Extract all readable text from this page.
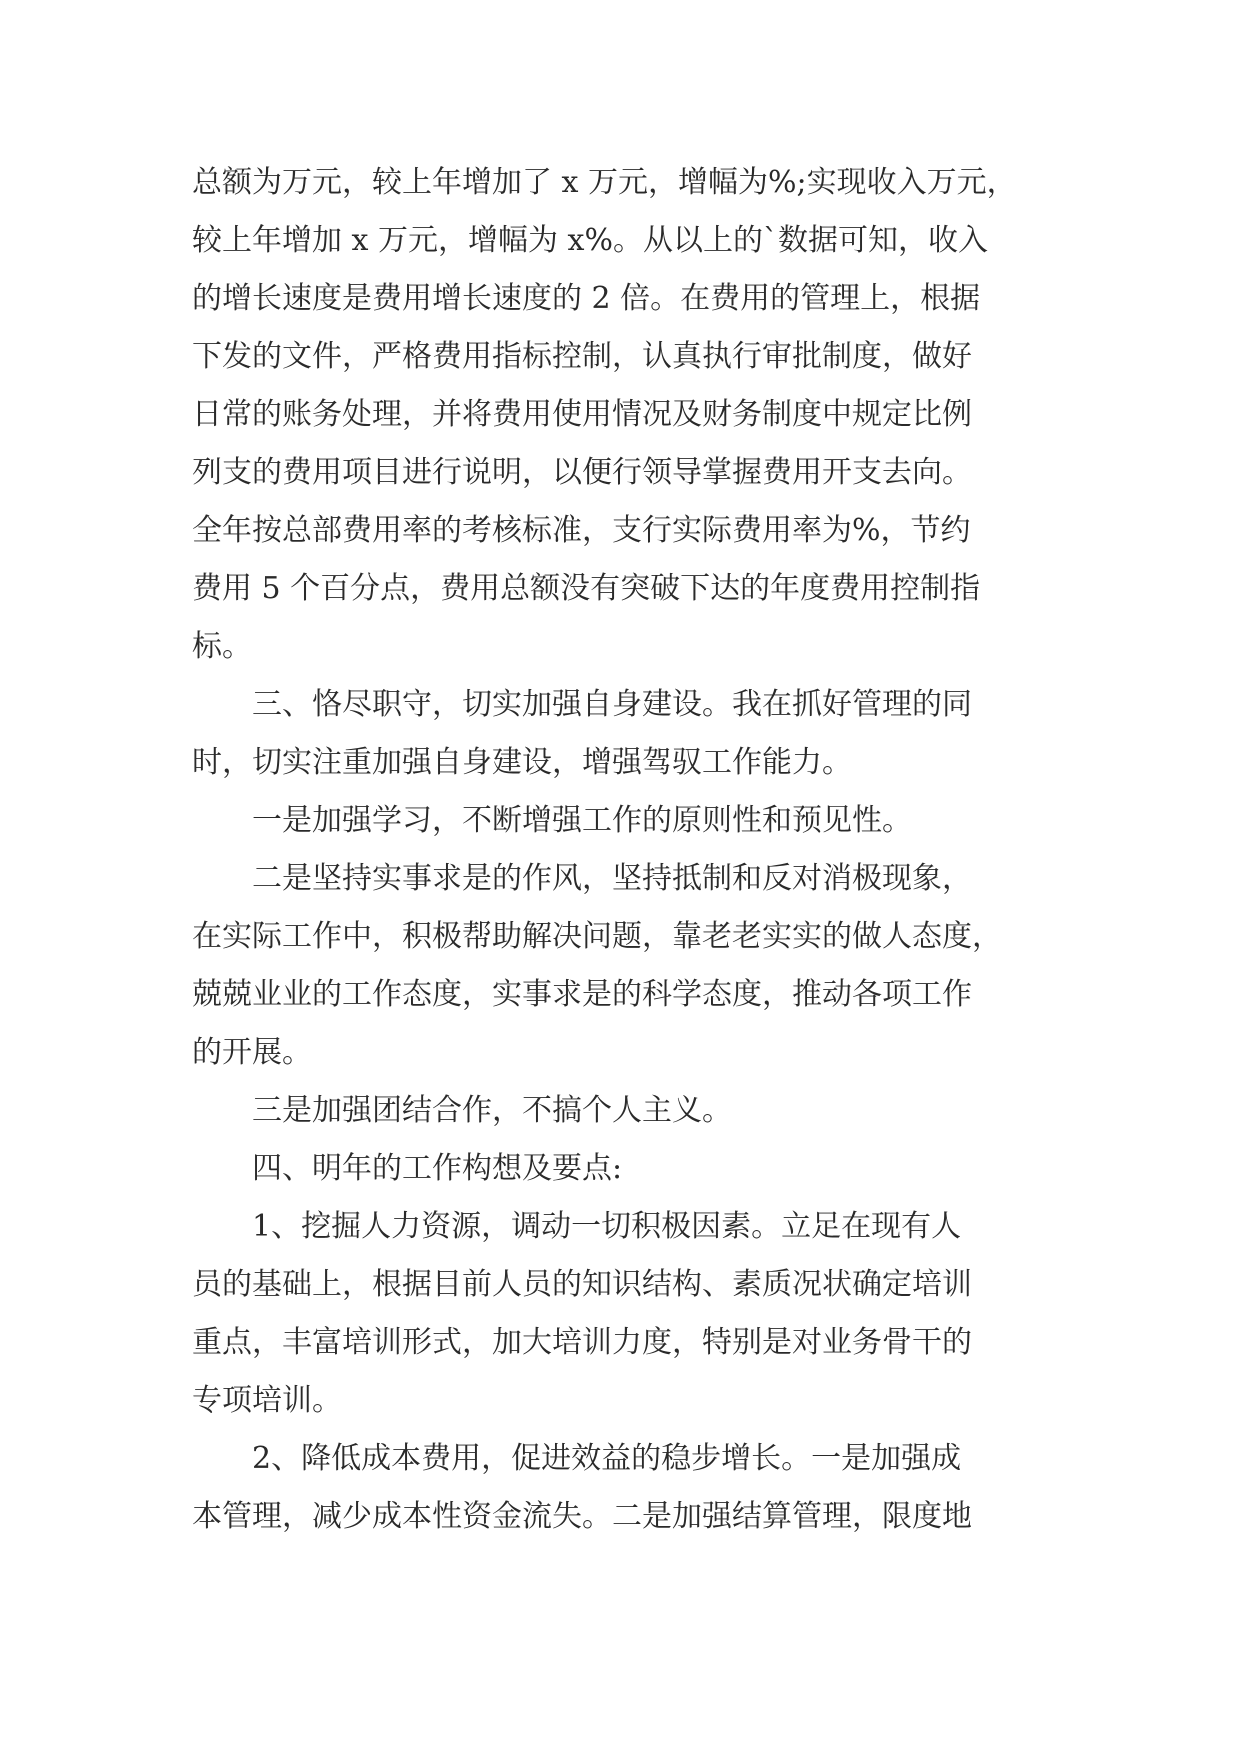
总额为万元，较上年增加了 x 万元，增幅为%;实现收入万元，
较上年增加 x 万元，增幅为 x%。从以上的`数据可知，收入
的增长速度是费用增长速度的 2 倍。在费用的管理上，根据
下发的文件，严格费用指标控制，认真执行审批制度，做好
日常的账务处理，并将费用使用情况及财务制度中规定比例
列支的费用项目进行说明，以便行领导掌握费用开支去向。
全年按总部费用率的考核标准，支行实际费用率为%，节约
费用 5 个百分点，费用总额没有突破下达的年度费用控制指
标。
　　三、恪尽职守，切实加强自身建设。我在抓好管理的同
时，切实注重加强自身建设，增强驾驭工作能力。
　　一是加强学习，不断增强工作的原则性和预见性。
　　二是坚持实事求是的作风，坚持抵制和反对消极现象，
在实际工作中，积极帮助解决问题，靠老老实实的做人态度，
兢兢业业的工作态度，实事求是的科学态度，推动各项工作
的开展。
　　三是加强团结合作，不搞个人主义。
　　四、明年的工作构想及要点:
　　1、挖掘人力资源，调动一切积极因素。立足在现有人
员的基础上，根据目前人员的知识结构、素质况状确定培训
重点，丰富培训形式，加大培训力度，特别是对业务骨干的
专项培训。
　　2、降低成本费用，促进效益的稳步增长。一是加强成
本管理，减少成本性资金流失。二是加强结算管理，限度地
